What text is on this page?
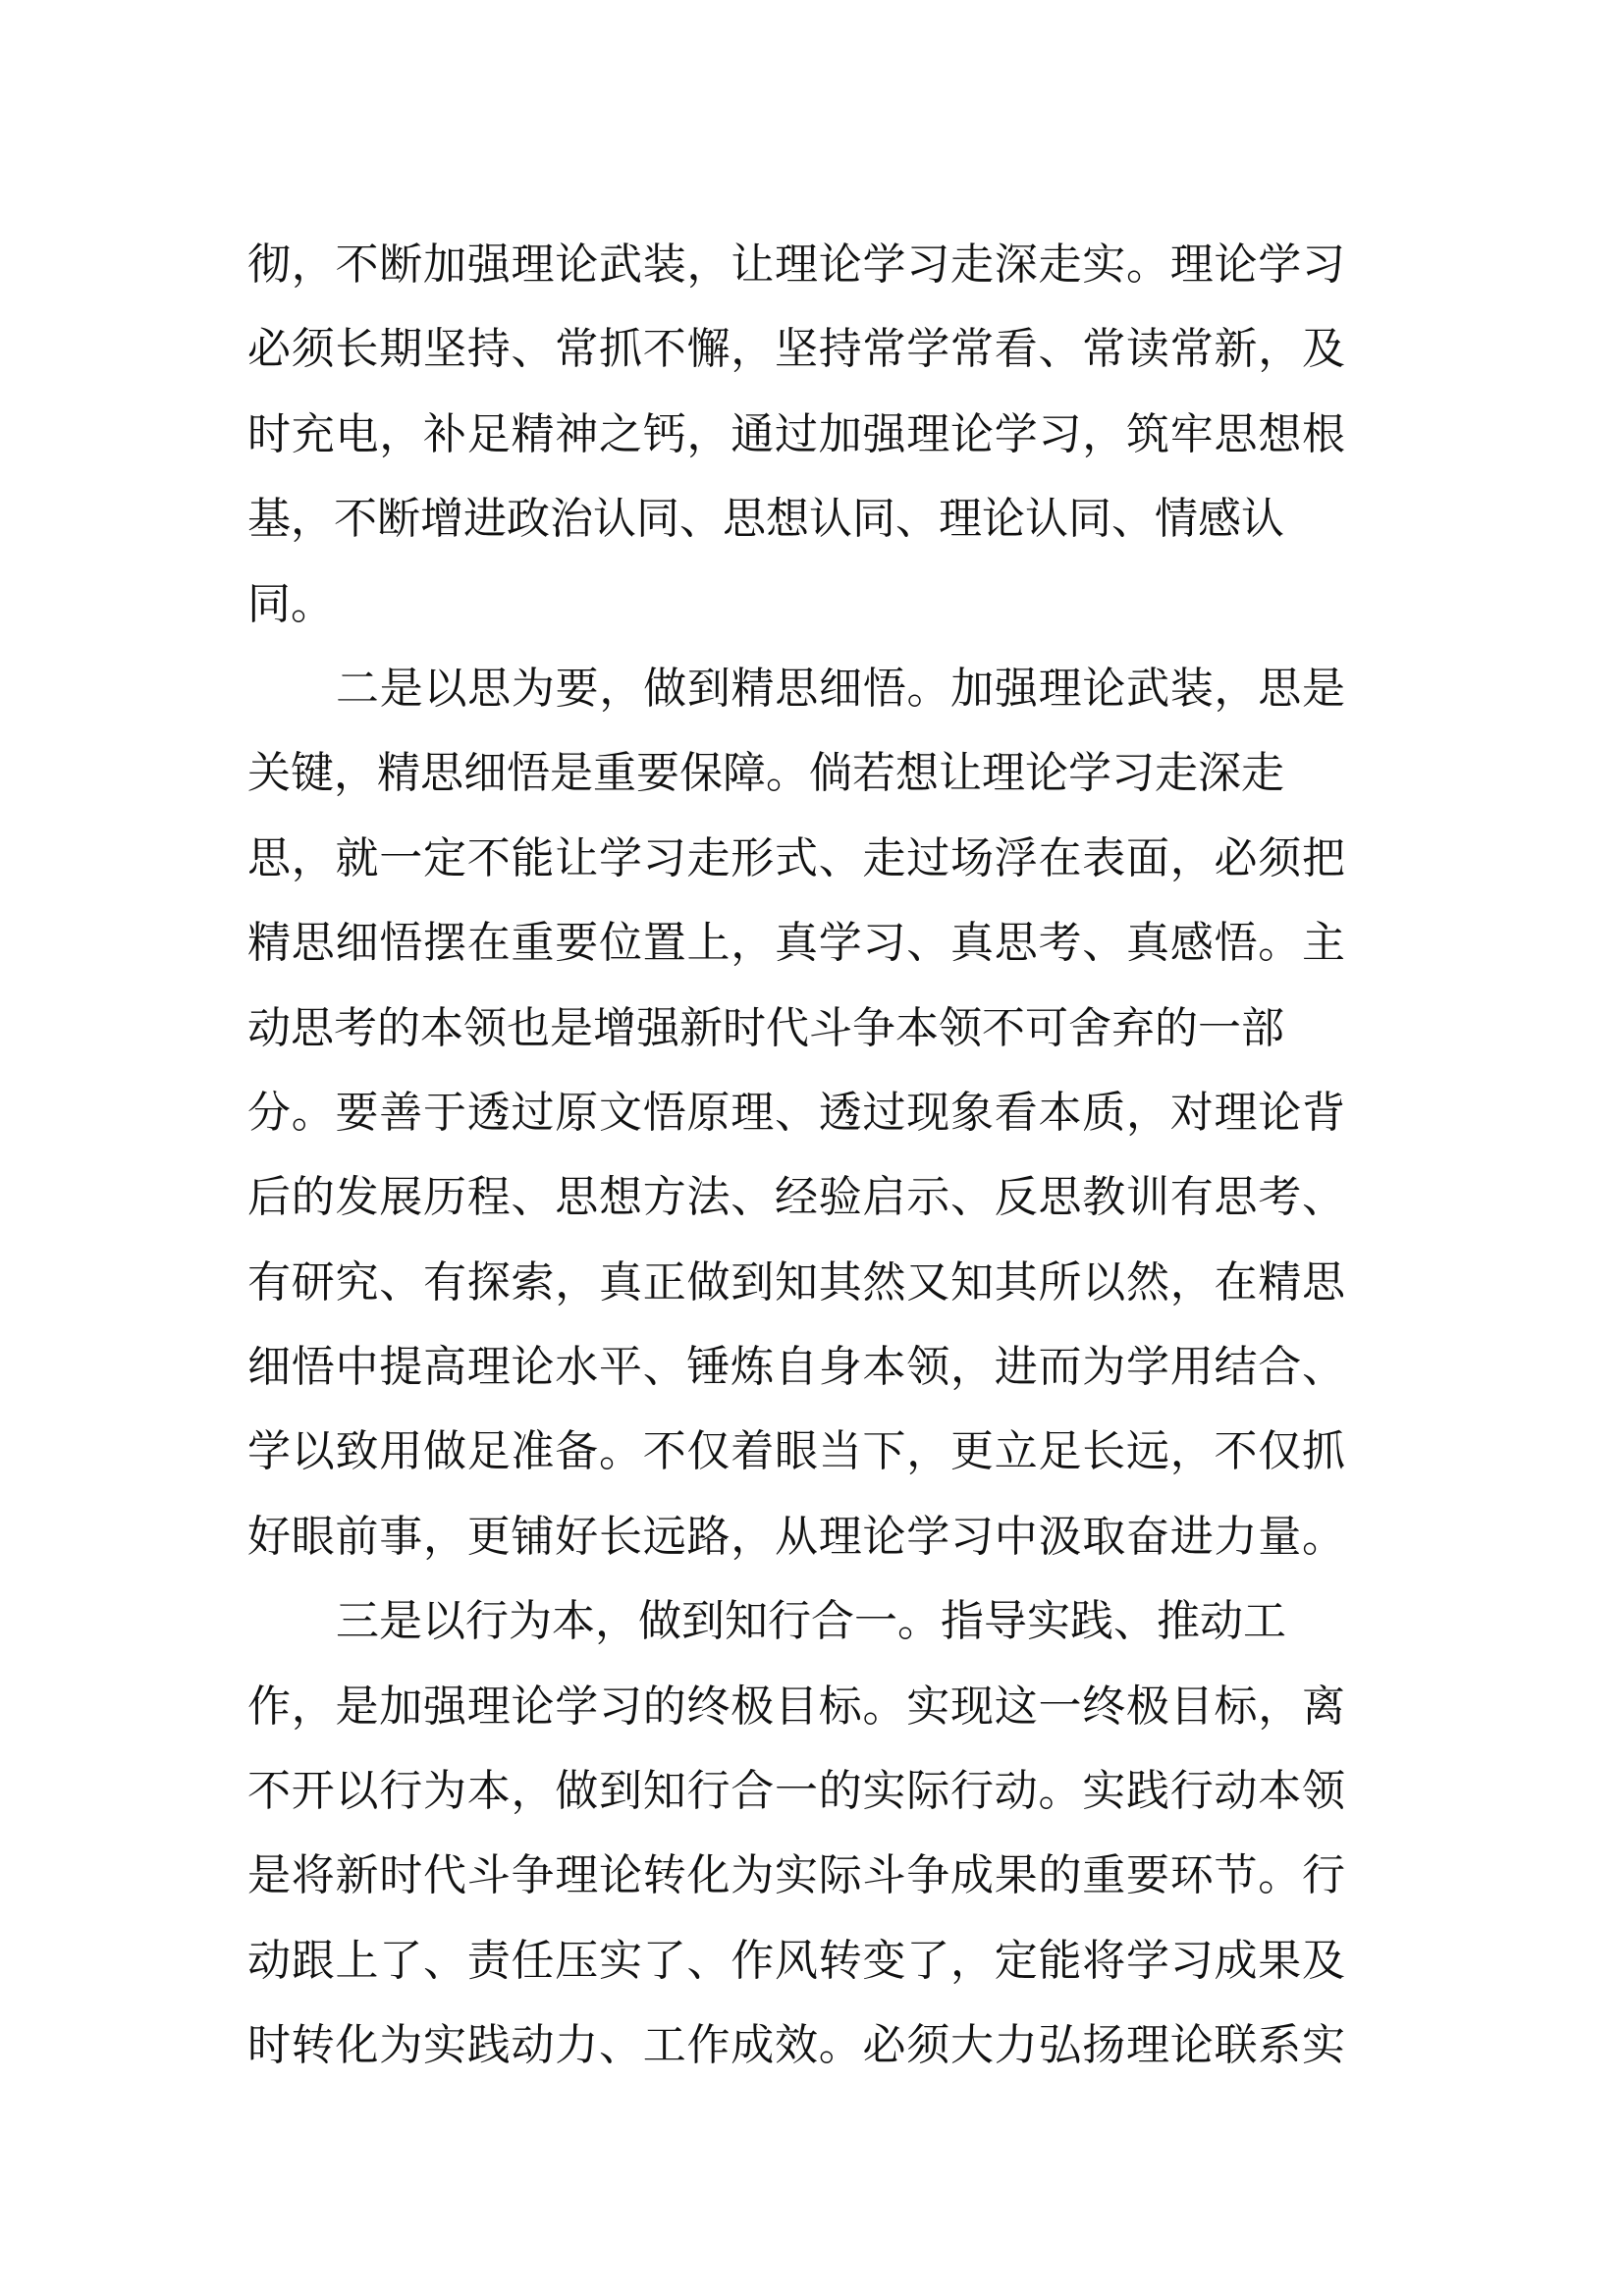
彻，不断加强理论武装，让理论学习走深走实。理论学习
必须长期坚持、常抓不懈，坚持常学常看、常读常新，及
时充电，补足精神之钙，通过加强理论学习，筑牢思想根
基，不断增进政治认同、思想认同、理论认同、情感认
同。
二是以思为要，做到精思细悟。加强理论武装，思是
关键，精思细悟是重要保障。倘若想让理论学习走深走
思，就一定不能让学习走形式、走过场浮在表面，必须把
精思细悟摆在重要位置上，真学习、真思考、真感悟。主
动思考的本领也是增强新时代斗争本领不可舍弃的一部
分。要善于透过原文悟原理、透过现象看本质，对理论背
后的发展历程、思想方法、经验启示、反思教训有思考、
有研究、有探索，真正做到知其然又知其所以然，在精思
细悟中提高理论水平、锤炼自身本领，进而为学用结合、
学以致用做足准备。不仅着眼当下，更立足长远，不仅抓
好眼前事，更铺好长远路，从理论学习中汲取奋进力量。
三是以行为本，做到知行合一。指导实践、推动工
作，是加强理论学习的终极目标。实现这一终极目标，离
不开以行为本，做到知行合一的实际行动。实践行动本领
是将新时代斗争理论转化为实际斗争成果的重要环节。行
动跟上了、责任压实了、作风转变了，定能将学习成果及
时转化为实践动力、工作成效。必须大力弘扬理论联系实
